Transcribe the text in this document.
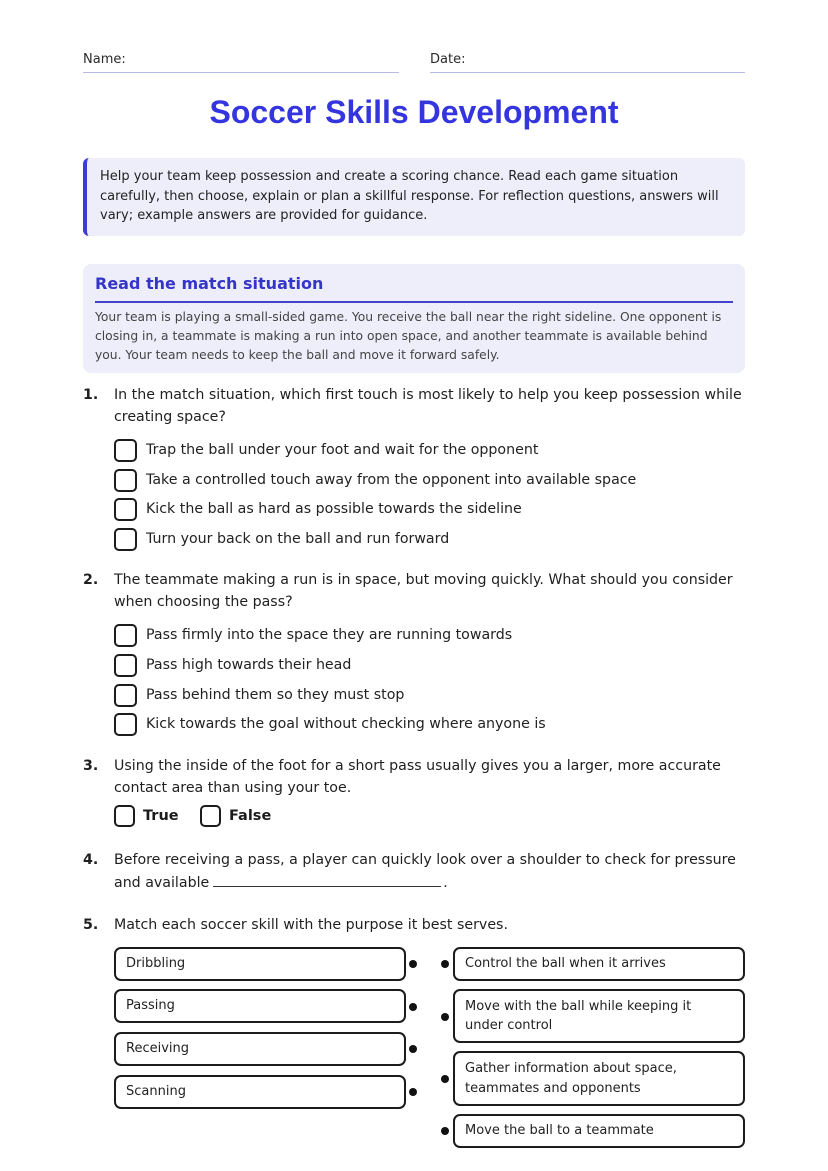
Name:	Date:
Soccer Skills Development
Help your team keep possession and create a scoring chance. Read each game situation carefully, then choose, explain or plan a skillful response. For reflection questions, answers will vary; example answers are provided for guidance.
Read the match situation

Your team is playing a small-sided game. You receive the ball near the right sideline. One opponent is closing in, a teammate is making a run into open space, and another teammate is available behind you. Your team needs to keep the ball and move it forward safely.

1. In the match situation, which first touch is most likely to help you keep possession while creating space?
Trap the ball under your foot and wait for the opponent
Take a controlled touch away from the opponent into available space
Kick the ball as hard as possible towards the sideline
Turn your back on the ball and run forward
2. The teammate making a run is in space, but moving quickly. What should you consider when choosing the pass?
Pass firmly into the space they are running towards
Pass high towards their head
Pass behind them so they must stop
Kick towards the goal without checking where anyone is
3. Using the inside of the foot for a short pass usually gives you a larger, more accurate contact area than using your toe.
True	False
4. Before receiving a pass, a player can quickly look over a shoulder to check for pressure and available	.
5. Match each soccer skill with the purpose it best serves.
Dribbling
Passing
Receiving
Scanning
Control the ball when it arrives
Move with the ball while keeping it under control
Gather information about space, teammates and opponents
Move the ball to a teammate
